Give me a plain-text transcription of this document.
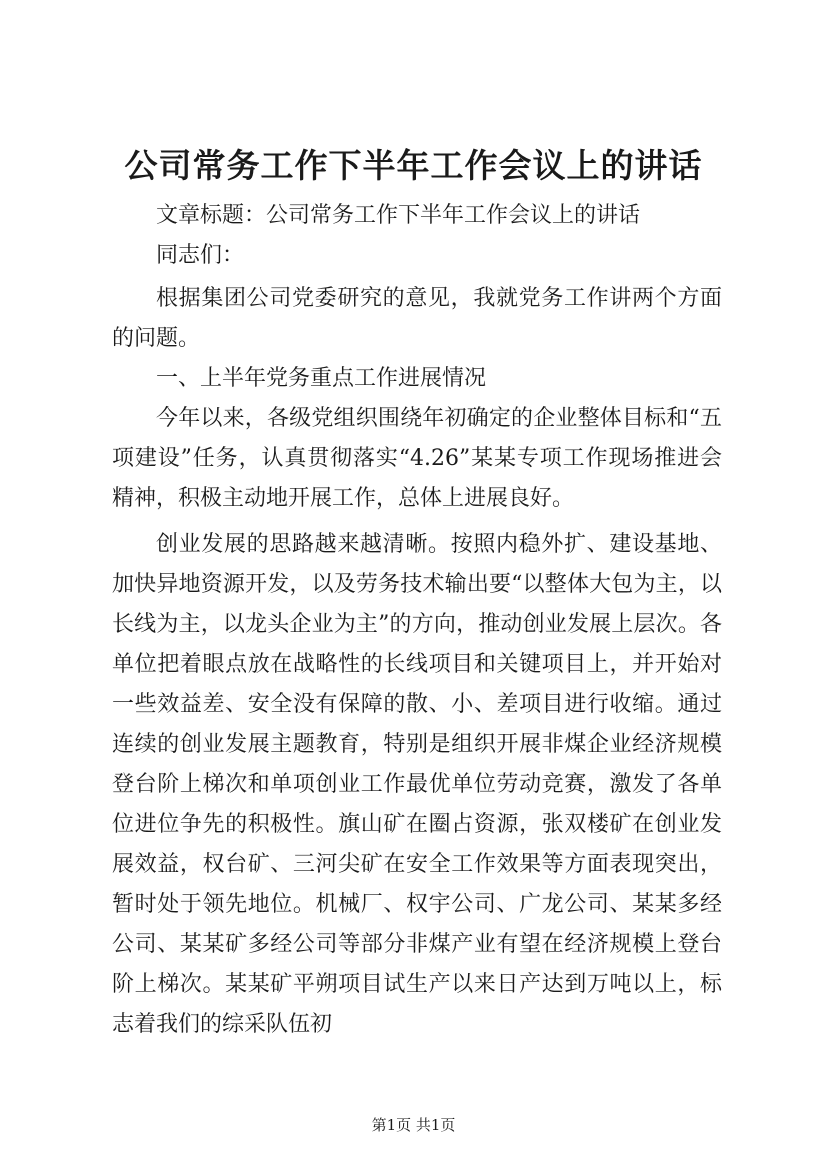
公司常务工作下半年工作会议上的讲话

文章标题：公司常务工作下半年工作会议上的讲话

同志们：

根据集团公司党委研究的意见，我就党务工作讲两个方面的问题。

一、上半年党务重点工作进展情况

今年以来，各级党组织围绕年初确定的企业整体目标和“五项建设”任务，认真贯彻落实“4.26”某某专项工作现场推进会精神，积极主动地开展工作，总体上进展良好。

创业发展的思路越来越清晰。按照内稳外扩、建设基地、加快异地资源开发，以及劳务技术输出要“以整体大包为主，以长线为主，以龙头企业为主”的方向，推动创业发展上层次。各单位把着眼点放在战略性的长线项目和关键项目上，并开始对一些效益差、安全没有保障的散、小、差项目进行收缩。通过连续的创业发展主题教育，特别是组织开展非煤企业经济规模登台阶上梯次和单项创业工作最优单位劳动竞赛，激发了各单位进位争先的积极性。旗山矿在圈占资源，张双楼矿在创业发展效益，权台矿、三河尖矿在安全工作效果等方面表现突出，暂时处于领先地位。机械厂、权宇公司、广龙公司、某某多经公司、某某矿多经公司等部分非煤产业有望在经济规模上登台阶上梯次。某某矿平朔项目试生产以来日产达到万吨以上，标志着我们的综采队伍初

第1页 共1页
